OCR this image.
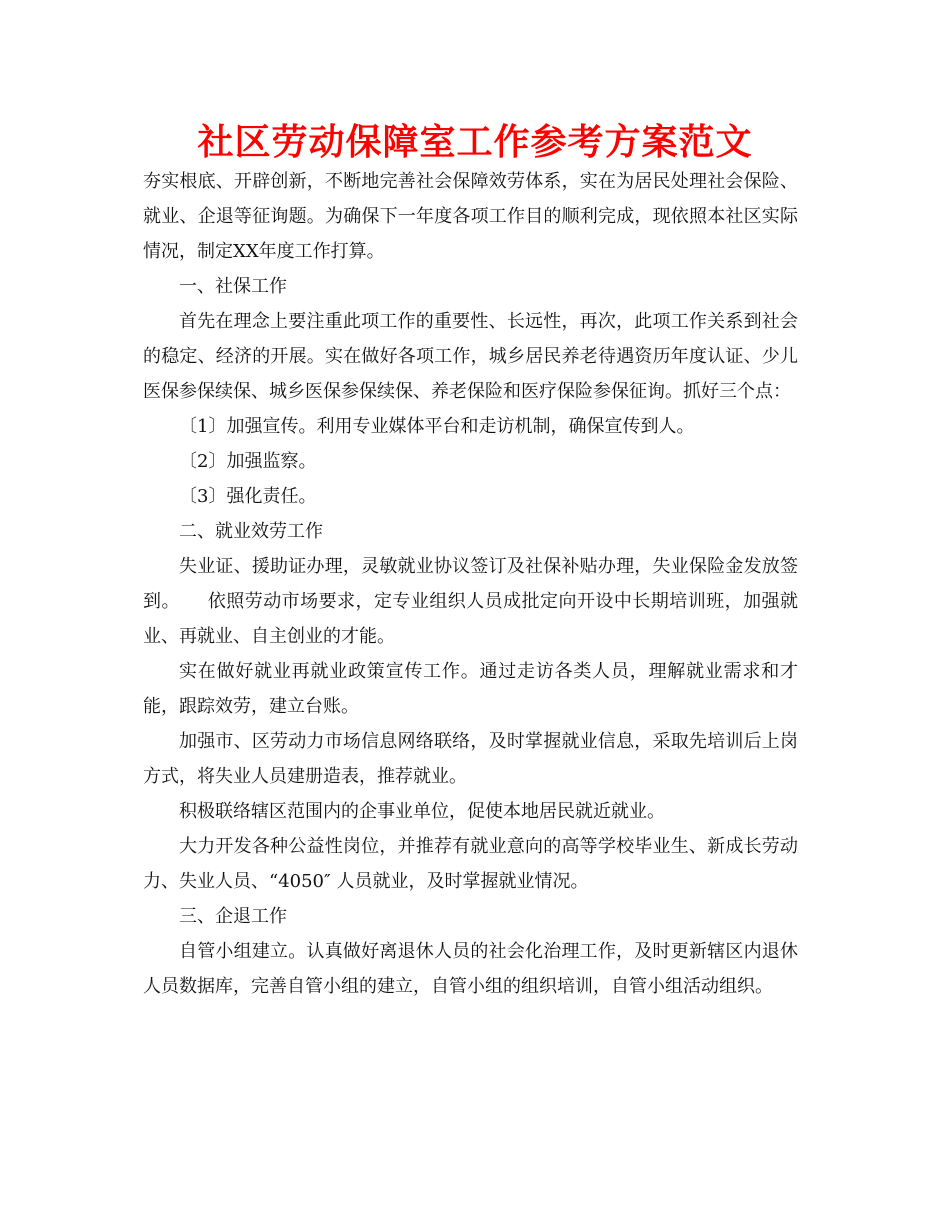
社区劳动保障室工作参考方案范文

夯实根底、开辟创新，不断地完善社会保障效劳体系，实在为居民处理社会保险、就业、企退等征询题。为确保下一年度各项工作目的顺利完成，现依照本社区实际情况，制定XX年度工作打算。

一、社保工作

首先在理念上要注重此项工作的重要性、长远性，再次，此项工作关系到社会的稳定、经济的开展。实在做好各项工作，城乡居民养老待遇资历年度认证、少儿医保参保续保、城乡医保参保续保、养老保险和医疗保险参保征询。抓好三个点：

〔1〕加强宣传。利用专业媒体平台和走访机制，确保宣传到人。

〔2〕加强监察。

〔3〕强化责任。

二、就业效劳工作

失业证、援助证办理，灵敏就业协议签订及社保补贴办理，失业保险金发放签到。　　依照劳动市场要求，定专业组织人员成批定向开设中长期培训班，加强就业、再就业、自主创业的才能。

实在做好就业再就业政策宣传工作。通过走访各类人员，理解就业需求和才能，跟踪效劳，建立台账。

加强市、区劳动力市场信息网络联络，及时掌握就业信息，采取先培训后上岗方式，将失业人员建册造表，推荐就业。

积极联络辖区范围内的企事业单位，促使本地居民就近就业。

大力开发各种公益性岗位，并推荐有就业意向的高等学校毕业生、新成长劳动力、失业人员、“4050″ 人员就业，及时掌握就业情况。

三、企退工作

自管小组建立。认真做好离退休人员的社会化治理工作，及时更新辖区内退休人员数据库，完善自管小组的建立，自管小组的组织培训，自管小组活动组织。
